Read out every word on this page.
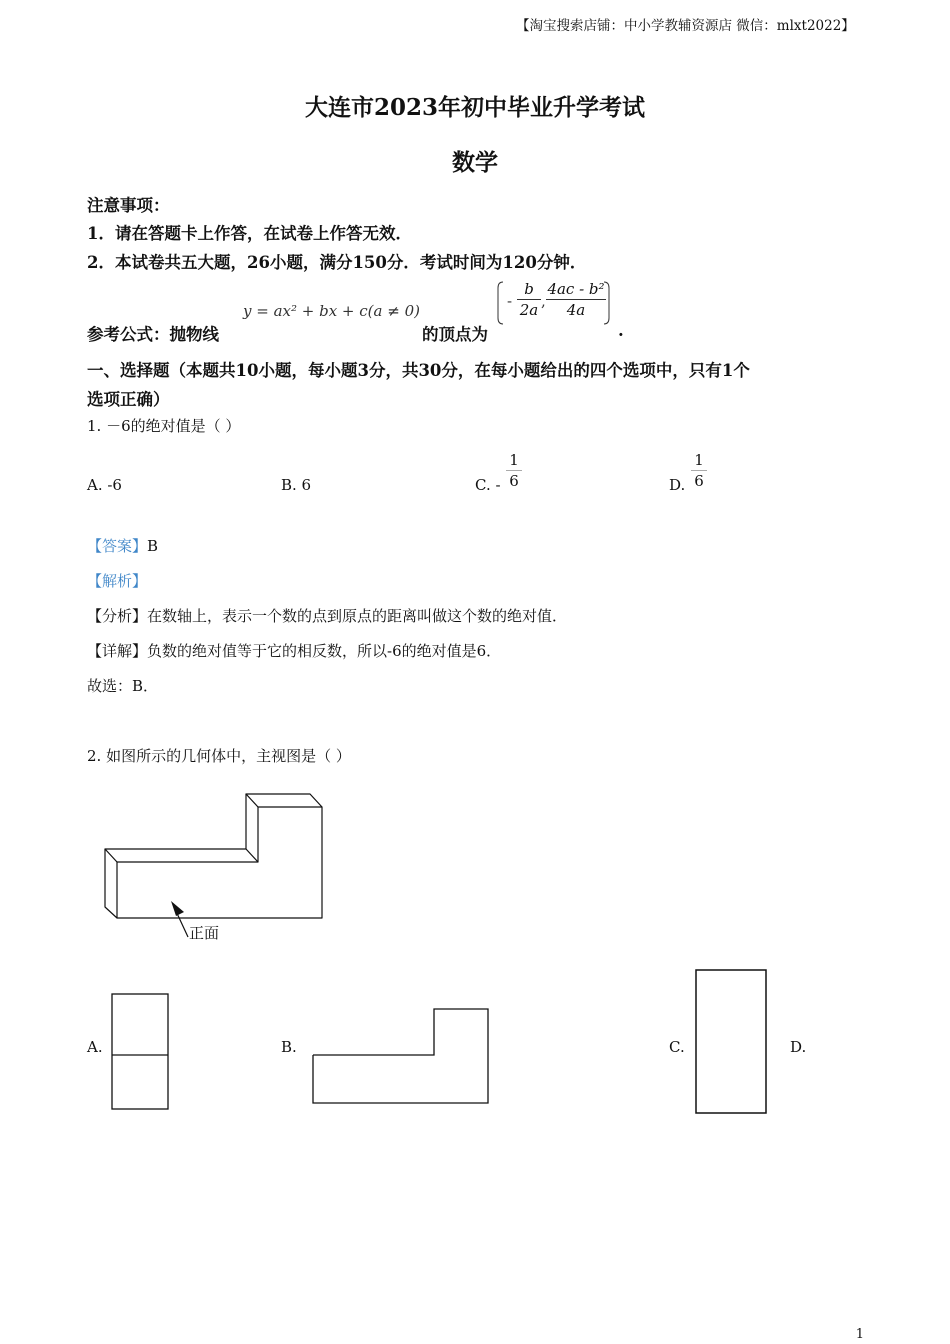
【淘宝搜索店铺：中小学教辅资源店 微信：mlxt2022】
大连市2023年初中毕业升学考试
数学
注意事项：
1．请在答题卡上作答，在试卷上作答无效．
2．本试卷共五大题，26小题，满分150分．考试时间为120分钟．
参考公式：抛物线
y = ax² + bx + c(a ≠ 0)
的顶点为
-
b
2a ,
4ac - b²
4a
.
一、选择题（本题共10小题，每小题3分，共30分，在每小题给出的四个选项中，只有1个
选项正确）
1. －6的绝对值是（ ）
A. -6	B. 6	C. -
1
6	D.
1
6
【答案】B
【解析】
【分析】在数轴上，表示一个数的点到原点的距离叫做这个数的绝对值．
【详解】负数的绝对值等于它的相反数，所以-6的绝对值是6．
故选：B．
2. 如图所示的几何体中，主视图是（ ）
正面
A.	B.	C.	D.
1
